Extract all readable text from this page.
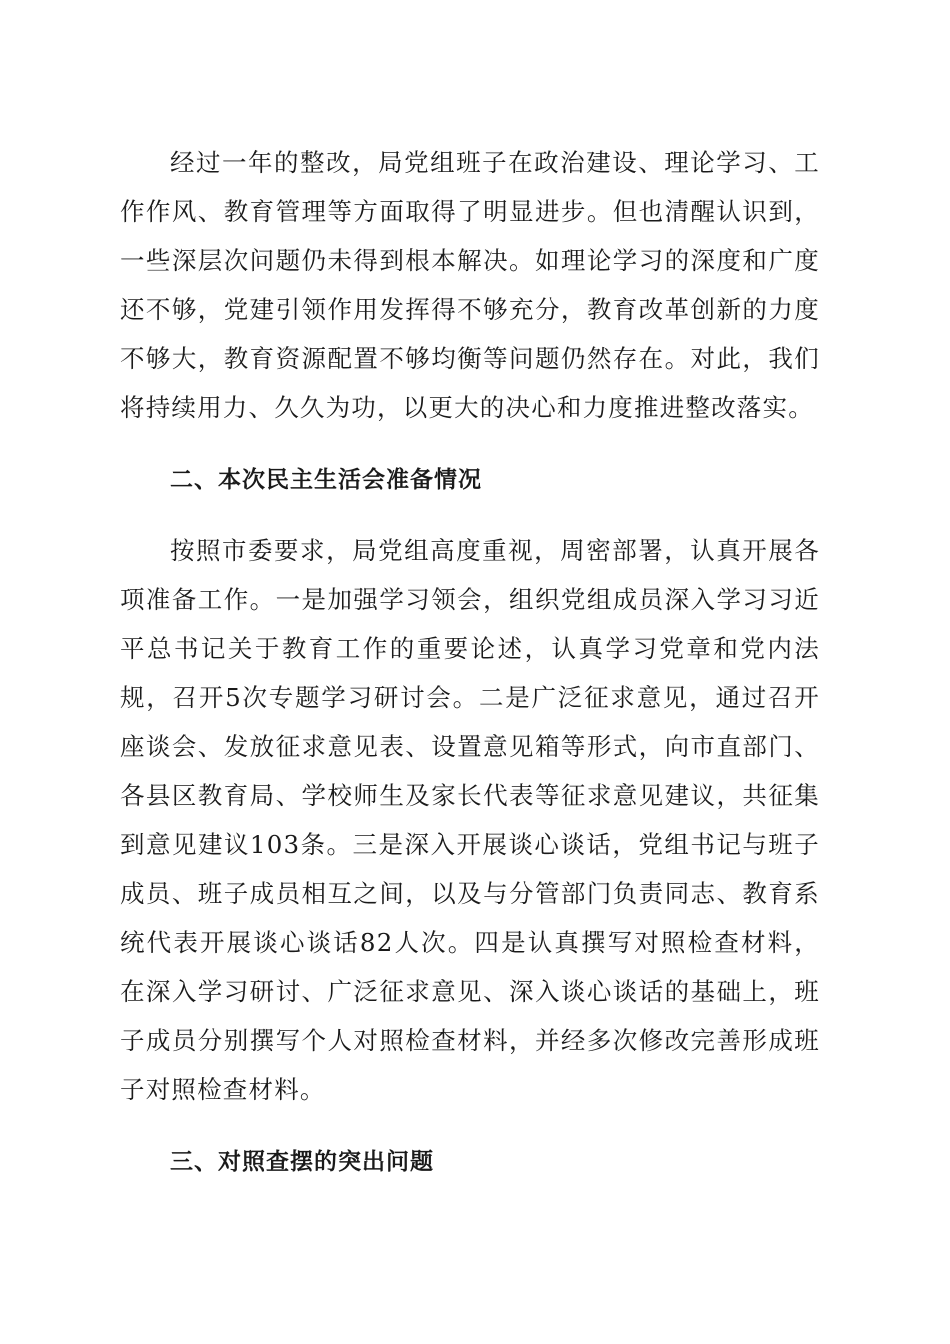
经过一年的整改，局党组班子在政治建设、理论学习、工作作风、教育管理等方面取得了明显进步。但也清醒认识到，一些深层次问题仍未得到根本解决。如理论学习的深度和广度还不够，党建引领作用发挥得不够充分，教育改革创新的力度不够大，教育资源配置不够均衡等问题仍然存在。对此，我们将持续用力、久久为功，以更大的决心和力度推进整改落实。

二、本次民主生活会准备情况

按照市委要求，局党组高度重视，周密部署，认真开展各项准备工作。一是加强学习领会，组织党组成员深入学习习近平总书记关于教育工作的重要论述，认真学习党章和党内法规，召开5次专题学习研讨会。二是广泛征求意见，通过召开座谈会、发放征求意见表、设置意见箱等形式，向市直部门、各县区教育局、学校师生及家长代表等征求意见建议，共征集到意见建议103条。三是深入开展谈心谈话，党组书记与班子成员、班子成员相互之间，以及与分管部门负责同志、教育系统代表开展谈心谈话82人次。四是认真撰写对照检查材料，在深入学习研讨、广泛征求意见、深入谈心谈话的基础上，班子成员分别撰写个人对照检查材料，并经多次修改完善形成班子对照检查材料。

三、对照查摆的突出问题
